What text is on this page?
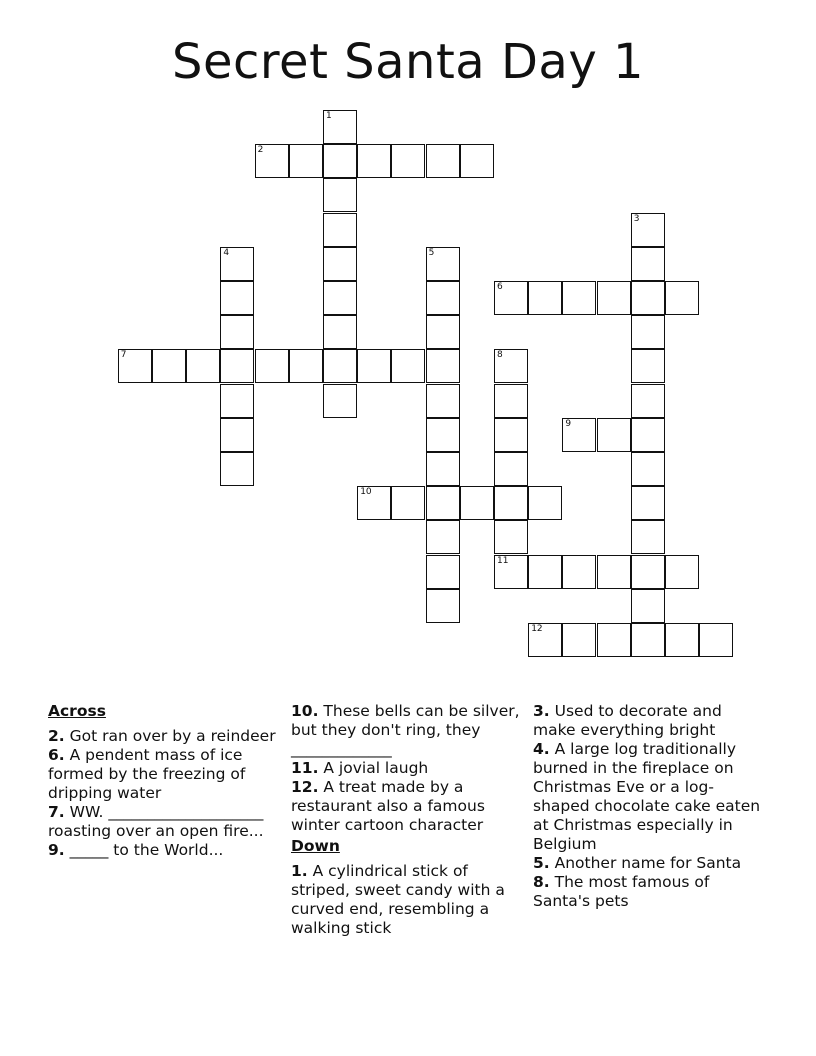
Secret Santa Day 1
1
2
3
4	5
6
7	8
11
9
10
12
Across
2. Got ran over by a reindeer
6. A pendent mass of ice formed by the freezing of dripping water
7. WW. ____________________ roasting over an open fire...
9. _____ to the World...
10. These bells can be silver, but they don't ring, they _____________
11. A jovial laugh
12. A treat made by a restaurant also a famous winter cartoon character
Down
1. A cylindrical stick of striped, sweet candy with a curved end, resembling a walking stick
3. Used to decorate and make everything bright
4. A large log traditionally burned in the fireplace on Christmas Eve or a log-shaped chocolate cake eaten at Christmas especially in Belgium
5. Another name for Santa
8. The most famous of Santa's pets
